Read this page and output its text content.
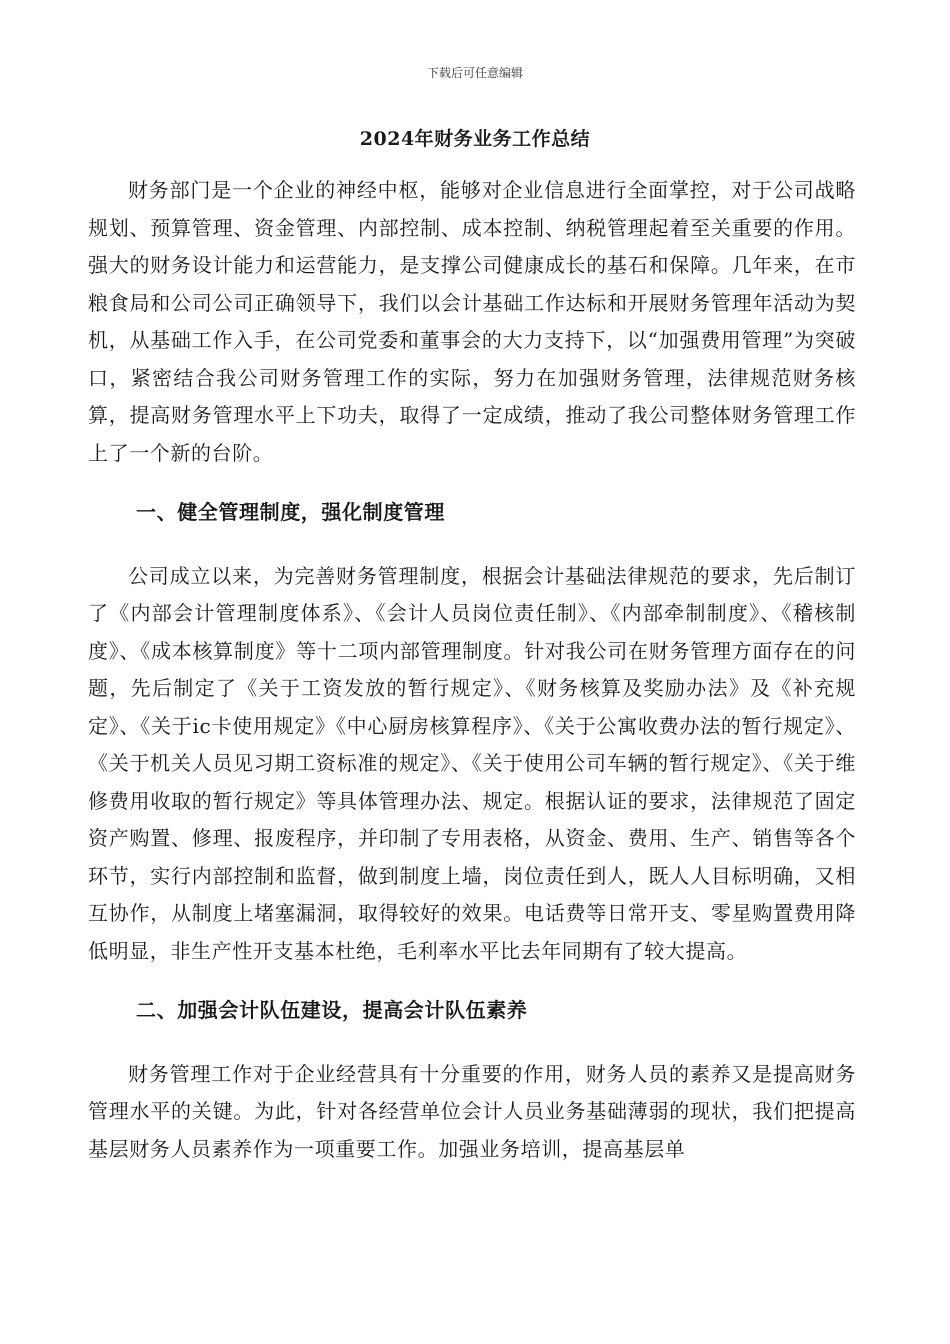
下载后可任意编辑
2024年财务业务工作总结

财务部门是一个企业的神经中枢，能够对企业信息进行全面掌控，对于公司战略规划、预算管理、资金管理、内部控制、成本控制、纳税管理起着至关重要的作用。强大的财务设计能力和运营能力，是支撑公司健康成长的基石和保障。几年来，在市粮食局和公司公司正确领导下，我们以会计基础工作达标和开展财务管理年活动为契机，从基础工作入手，在公司党委和董事会的大力支持下，以“加强费用管理”为突破口，紧密结合我公司财务管理工作的实际，努力在加强财务管理，法律规范财务核算，提高财务管理水平上下功夫，取得了一定成绩，推动了我公司整体财务管理工作上了一个新的台阶。

一、健全管理制度，强化制度管理

公司成立以来，为完善财务管理制度，根据会计基础法律规范的要求，先后制订了《内部会计管理制度体系》、《会计人员岗位责任制》、《内部牵制制度》、《稽核制度》、《成本核算制度》等十二项内部管理制度。针对我公司在财务管理方面存在的问题，先后制定了《关于工资发放的暂行规定》、《财务核算及奖励办法》及《补充规定》、《关于ic卡使用规定》《中心厨房核算程序》、《关于公寓收费办法的暂行规定》、《关于机关人员见习期工资标准的规定》、《关于使用公司车辆的暂行规定》、《关于维修费用收取的暂行规定》等具体管理办法、规定。根据认证的要求，法律规范了固定资产购置、修理、报废程序，并印制了专用表格，从资金、费用、生产、销售等各个环节，实行内部控制和监督，做到制度上墙，岗位责任到人，既人人目标明确，又相互协作，从制度上堵塞漏洞，取得较好的效果。电话费等日常开支、零星购置费用降低明显，非生产性开支基本杜绝，毛利率水平比去年同期有了较大提高。

二、加强会计队伍建设，提高会计队伍素养

财务管理工作对于企业经营具有十分重要的作用，财务人员的素养又是提高财务管理水平的关键。为此，针对各经营单位会计人员业务基础薄弱的现状，我们把提高基层财务人员素养作为一项重要工作。加强业务培训，提高基层单
